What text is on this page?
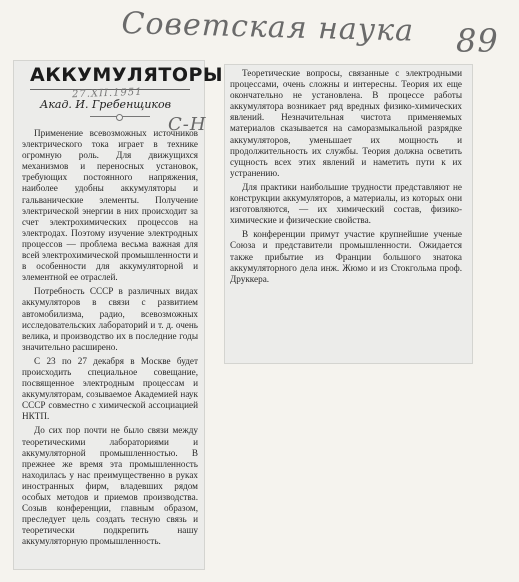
Советская наука 89
АККУМУЛЯТОРЫ
27.XII.1951
Акад. И. Гребенщиков
С-Н

Применение всевозможных источников электрического тока играет в технике огромную роль. Для движущихся механизмов и переносных установок, требующих постоянного напряжения, наиболее удобны аккумуляторы и гальванические элементы. Получение электрической энергии в них происходит за счет электрохимических процессов на электродах. Поэтому изучение электродных процессов — проблема весьма важная для всей электрохимической промышленности и в особенности для аккумуляторной и элементной ее отраслей.

Потребность СССР в различных видах аккумуляторов в связи с развитием автомобилизма, радио, всевозможных исследовательских лабораторий и т. д. очень велика, и производство их в последние годы значительно расширено.

С 23 по 27 декабря в Москве будет происходить специальное совещание, посвященное электродным процессам и аккумуляторам, созываемое Академией наук СССР совместно с химической ассоциацией НКТП.

До сих пор почти не было связи между теоретическими лабораториями и аккумуляторной промышленностью. В прежнее же время эта промышленность находилась у нас преимущественно в руках иностранных фирм, владевших рядом особых методов и приемов производства. Созыв конференции, главным образом, преследует цель создать тесную связь и теоретически подкрепить нашу аккумуляторную промышленность.

Теоретические вопросы, связанные с электродными процессами, очень сложны и интересны. Теория их еще окончательно не установлена. В процессе работы аккумулятора возникает ряд вредных физико-химических явлений. Незначительная чистота применяемых материалов сказывается на саморазмыкальной разрядке аккумуляторов, уменьшает их мощность и продолжительность их службы. Теория должна осветить сущность всех этих явлений и наметить пути к их устранению.

Для практики наибольшие трудности представляют не конструкции аккумуляторов, а материалы, из которых они изготовляются, — их химический состав, физико-химические и физические свойства.

В конференции примут участие крупнейшие ученые Союза и представители промышленности. Ожидается также прибытие из Франции большого знатока аккумуляторного дела инж. Жюмо и из Стокгольма проф. Друккера.
